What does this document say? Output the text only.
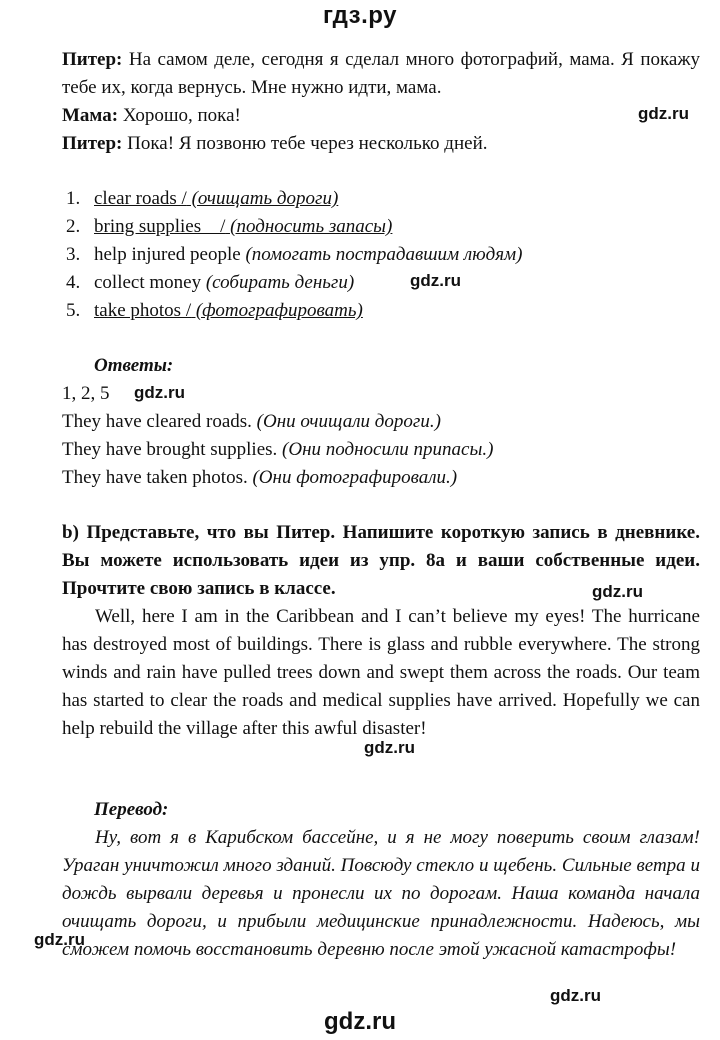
гдз.ру
Питер: На самом деле, сегодня я сделал много фотографий, мама. Я покажу тебе их, когда вернусь. Мне нужно идти, мама.
Мама: Хорошо, пока!
Питер: Пока! Я позвоню тебе через несколько дней.
gdz.ru
1. clear roads / (очищать дороги)
2. bring supplies    / (подносить запасы)
3. help injured people (помогать пострадавшим людям)
4. collect money (собирать деньги)
5. take photos / (фотографировать)
gdz.ru
Ответы:
1, 2, 5 gdz.ru
They have cleared roads. (Они очищали дороги.)
They have brought supplies. (Они подносили припасы.)
They have taken photos. (Они фотографировали.)
b) Представьте, что вы Питер. Напишите короткую запись в дневнике. Вы можете использовать идеи из упр. 8a и ваши собственные идеи. Прочтите свою запись в классе.	gdz.ru
Well, here I am in the Caribbean and I can’t believe my eyes! The hurricane has destroyed most of buildings. There is glass and rubble everywhere. The strong winds and rain have pulled trees down and swept them across the roads. Our team has started to clear the roads and medical supplies have arrived. Hopefully we can help rebuild the village after this awful disaster!
gdz.ru
Перевод:
Ну, вот я в Карибском бассейне, и я не могу поверить своим глазам! Ураган уничтожил много зданий. Повсюду стекло и щебень. Сильные ветра и дождь вырвали деревья и пронесли их по дорогам. Наша команда начала очищать дороги, и прибыли медицинские принадлежности. Надеюсь, мы сможем помочь восстановить деревню после этой ужасной катастрофы!
gdz.ru
gdz.ru
gdz.ru
